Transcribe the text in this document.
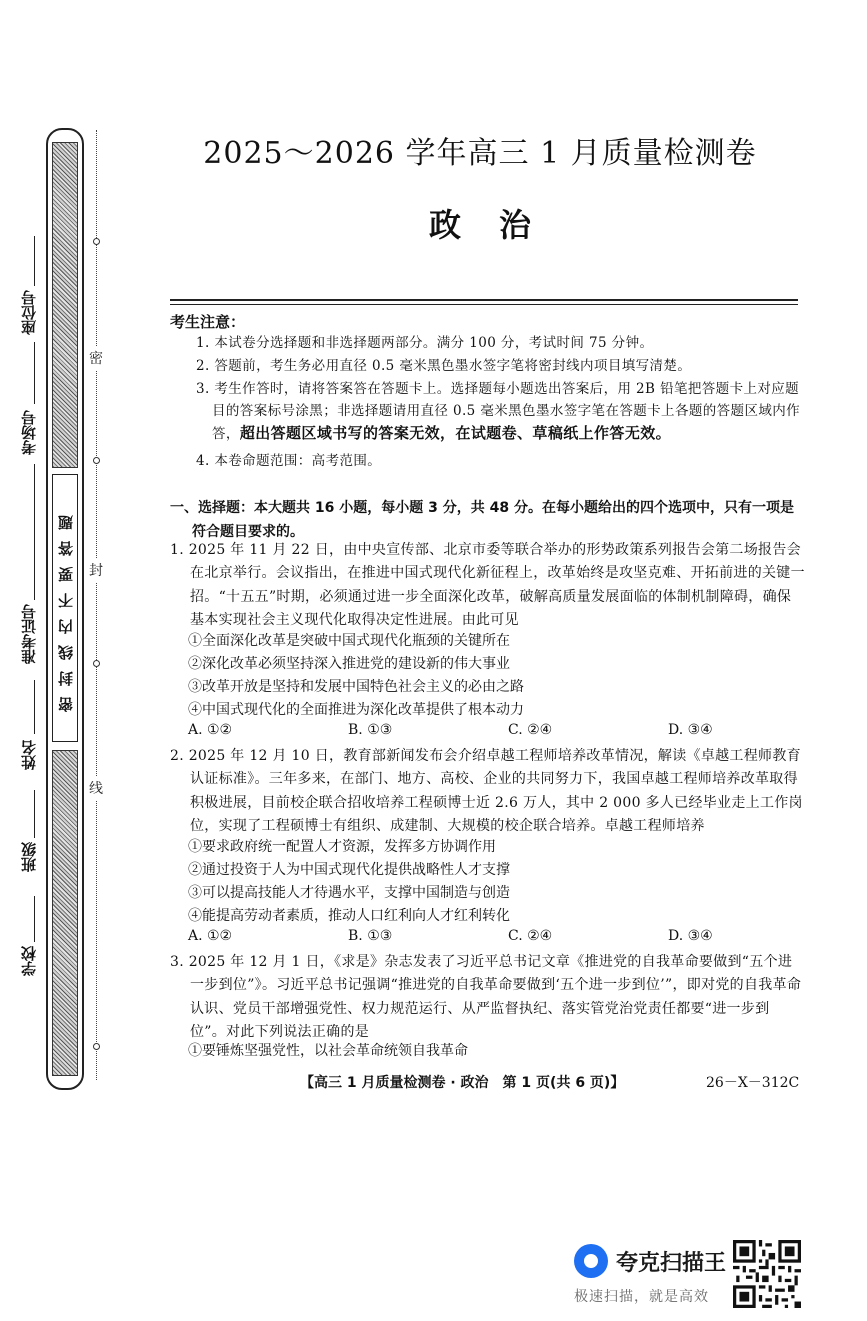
密封线内不要答题
密
封
线
座位号
考场号
准考证号
姓名
班级
学校
2025～2026 学年高三 1 月质量检测卷
政治
考生注意：
1. 本试卷分选择题和非选择题两部分。满分 100 分，考试时间 75 分钟。
2. 答题前，考生务必用直径 0.5 毫米黑色墨水签字笔将密封线内项目填写清楚。
3. 考生作答时，请将答案答在答题卡上。选择题每小题选出答案后，用 2B 铅笔把答题卡上对应题目的答案标号涂黑；非选择题请用直径 0.5 毫米黑色墨水签字笔在答题卡上各题的答题区域内作答，超出答题区域书写的答案无效，在试题卷、草稿纸上作答无效。
4. 本卷命题范围：高考范围。
一、选择题：本大题共 16 小题，每小题 3 分，共 48 分。在每小题给出的四个选项中，只有一项是符合题目要求的。
1. 2025 年 11 月 22 日，由中央宣传部、北京市委等联合举办的形势政策系列报告会第二场报告会在北京举行。会议指出，在推进中国式现代化新征程上，改革始终是攻坚克难、开拓前进的关键一招。“十五五”时期，必须通过进一步全面深化改革，破解高质量发展面临的体制机制障碍，确保基本实现社会主义现代化取得决定性进展。由此可见
①全面深化改革是突破中国式现代化瓶颈的关键所在
②深化改革必须坚持深入推进党的建设新的伟大事业
③改革开放是坚持和发展中国特色社会主义的必由之路
④中国式现代化的全面推进为深化改革提供了根本动力
A. ①②	B. ①③	C. ②④	D. ③④
2. 2025 年 12 月 10 日，教育部新闻发布会介绍卓越工程师培养改革情况，解读《卓越工程师教育认证标准》。三年多来，在部门、地方、高校、企业的共同努力下，我国卓越工程师培养改革取得积极进展，目前校企联合招收培养工程硕博士近 2.6 万人，其中 2 000 多人已经毕业走上工作岗位，实现了工程硕博士有组织、成建制、大规模的校企联合培养。卓越工程师培养
①要求政府统一配置人才资源，发挥多方协调作用
②通过投资于人为中国式现代化提供战略性人才支撑
③可以提高技能人才待遇水平，支撑中国制造与创造
④能提高劳动者素质，推动人口红利向人才红利转化
A. ①②	B. ①③	C. ②④	D. ③④
3. 2025 年 12 月 1 日，《求是》杂志发表了习近平总书记文章《推进党的自我革命要做到“五个进一步到位”》。习近平总书记强调“推进党的自我革命要做到‘五个进一步到位’”，即对党的自我革命认识、党员干部增强党性、权力规范运行、从严监督执纪、落实管党治党责任都要“进一步到位”。对此下列说法正确的是
①要锤炼坚强党性，以社会革命统领自我革命
【高三 1 月质量检测卷 · 政治　第 1 页(共 6 页)】	26－X－312C
夸克扫描王
极速扫描，就是高效
